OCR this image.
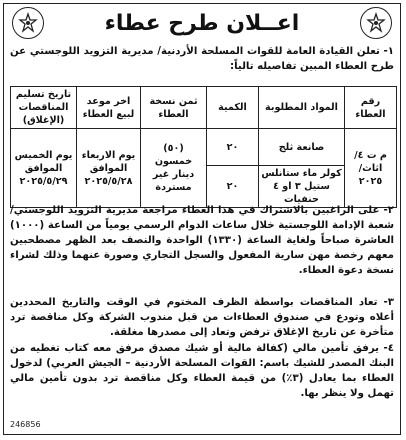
اعــلان طرح عطاء

١- تعلن القيادة العامة للقوات المسلحة الأردنية/ مديرية التزويد اللوجستي عن طرح العطاء المبين تفاصيله تالياً:

رقم العطاء	المواد المطلوبة	الكمية	ثمن نسخة العطاء	اخر موعد لبيع العطاء	تاريخ تسليم المناقصات (الإغلاق)
م ت ٤/ اثاث/ ٢٠٢٥	صانعة ثلج	٢٠	(٥٠) خمسون دينار غير مستردة	يوم الاربعاء الموافق ٢٠٢٥/٥/٢٨	يوم الخميس الموافق ٢٠٢٥/٥/٢٩
	كولر ماء ستانلس ستيل ٣ او ٤ حنفيات	٢٠			

٢- على الراغبين بالاشتراك في هذا العطاء مراجعة مديرية التزويد اللوجستي/ شعبة الإدامة اللوجستية خلال ساعات الدوام الرسمي يومياً من الساعة (١٠٠٠) العاشرة صباحاً ولغاية الساعة (١٣٣٠) الواحدة والنصف بعد الظهر مصطحبين معهم رخصة مهن سارية المفعول والسجل التجاري وصورة عنهما وذلك لشراء نسخة دعوة العطاء.

٣- تعاد المناقصات بواسطة الظرف المختوم في الوقت والتاريخ المحددين أعلاه وتودع في صندوق العطاءات من قبل مندوب الشركة وكل مناقصة ترد متأخرة عن تاريخ الإغلاق ترفض وتعاد إلى مصدرها مغلقة.

٤- يرفق تأمين مالي (كفالة مالية أو شيك مصدق مرفق معه كتاب تغطيه من البنك المصدر للشيك باسم: القوات المسلحة الأردنية – الجيش العربي) لدخول العطاء بما يعادل (٣٪) من قيمة العطاء وكل مناقصة ترد بدون تأمين مالي تهمل ولا ينظر بها.

246856
